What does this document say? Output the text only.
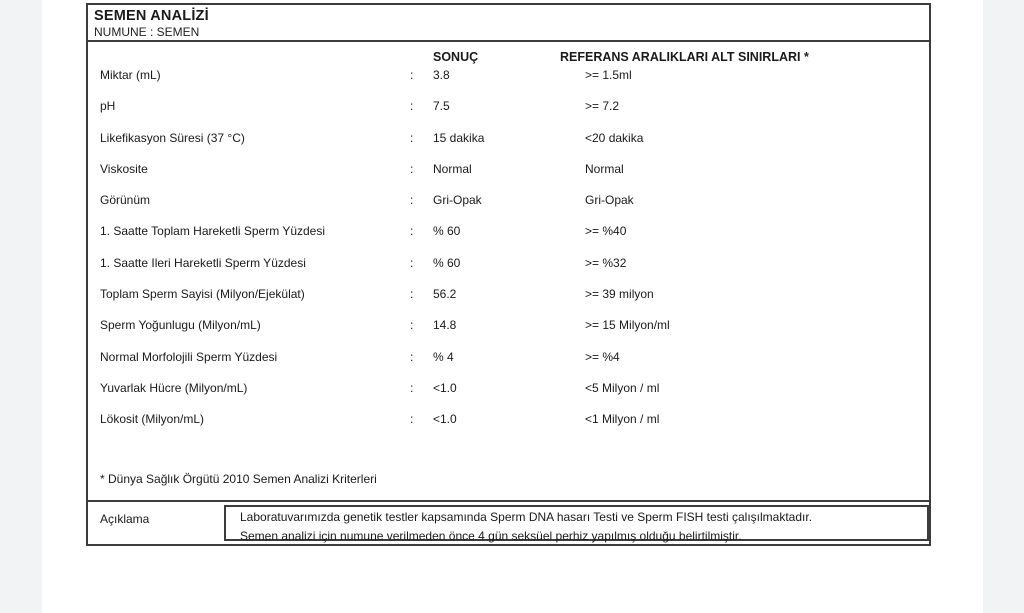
SEMEN ANALİZİ
NUMUNE : SEMEN
SONUÇ	REFERANS ARALIKLARI ALT SINIRLARI *
Miktar (mL)	: 3.8	>= 1.5ml
pH	: 7.5	>= 7.2
Likefikasyon Süresi (37 °C)	: 15 dakika	<20 dakika
Viskosite	: Normal	Normal
Görünüm	: Gri-Opak	Gri-Opak
1. Saatte Toplam Hareketli Sperm Yüzdesi	: % 60	>= %40
1. Saatte Ileri Hareketli Sperm Yüzdesi	: % 60	>= %32
Toplam Sperm Sayisi (Milyon/Ejekülat)	: 56.2	>= 39 milyon
Sperm Yoğunlugu (Milyon/mL)	: 14.8	>= 15 Milyon/ml
Normal Morfolojili Sperm Yüzdesi	: % 4	>= %4
Yuvarlak Hücre (Milyon/mL)	: <1.0	<5 Milyon / ml
Lökosit (Milyon/mL)	: <1.0	<1 Milyon / ml
* Dünya Sağlık Örgütü 2010 Semen Analizi Kriterleri
Açıklama	Laboratuvarımızda genetik testler kapsamında Sperm DNA hasarı Testi ve Sperm FISH testi çalışılmaktadır.
Semen analizi için numune verilmeden önce 4 gün seksüel perhiz yapılmış olduğu belirtilmiştir.
